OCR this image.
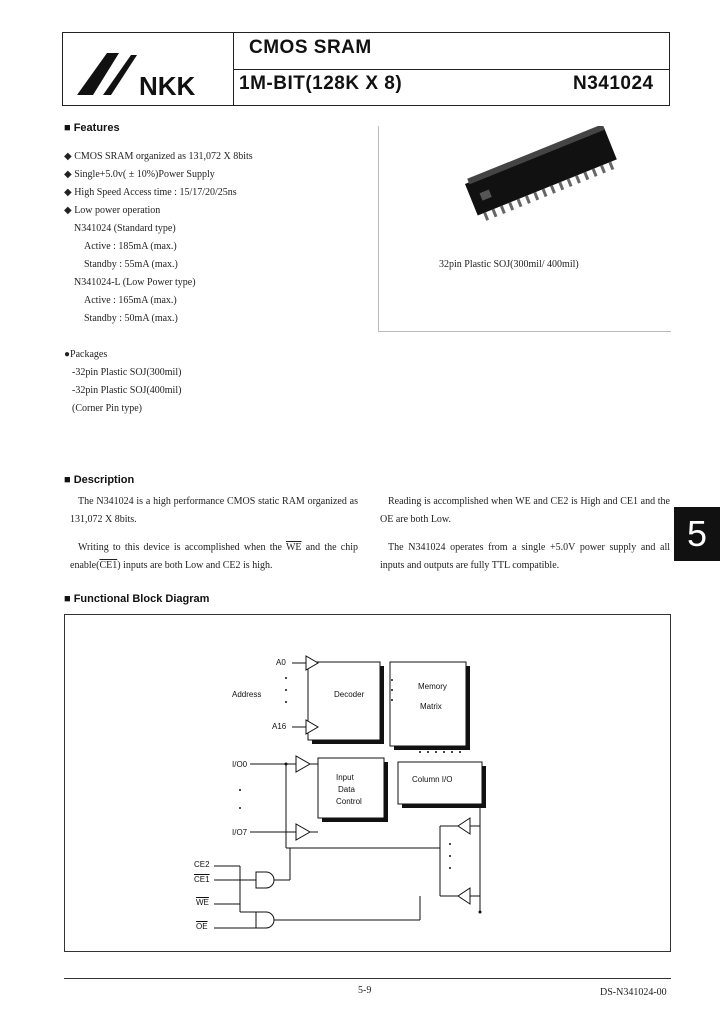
NKK
CMOS SRAM
1M-BIT(128K X 8)	N341024
■ Features
◆ CMOS SRAM organized as 131,072 X 8bits
◆ Single+5.0v( ± 10%)Power Supply
◆ High Speed Access time : 15/17/20/25ns
◆ Low power operation
N341024 (Standard type)
Active : 185mA (max.)
Standby : 55mA (max.)
N341024-L (Low Power type)
Active : 165mA (max.)
Standby : 50mA (max.)
●Packages
-32pin Plastic SOJ(300mil)
-32pin Plastic SOJ(400mil)
(Corner Pin type)
32pin Plastic SOJ(300mil/ 400mil)
■ Description
The N341024 is a high performance CMOS static RAM organized as 131,072 X 8bits.
Writing to this device is accomplished when the $\overline{WE}$ and the chip enable(CE1) inputs are both Low and CE2 is high.
Reading is accomplished when WE and CE2 is High and CE1 and the OE are both Low.
The N341024 operates from a single +5.0V power supply and all inputs and outputs are fully TTL compatible.
5
■ Functional Block Diagram
A0
A16
Address	Decoder
Memory
Matrix
I/O0
I/O7
Input
Data
Control
Column I/O
CE2
CE1
$\overline{WE}$
$\overline{OE}$
5-9	DS-N341024-00
